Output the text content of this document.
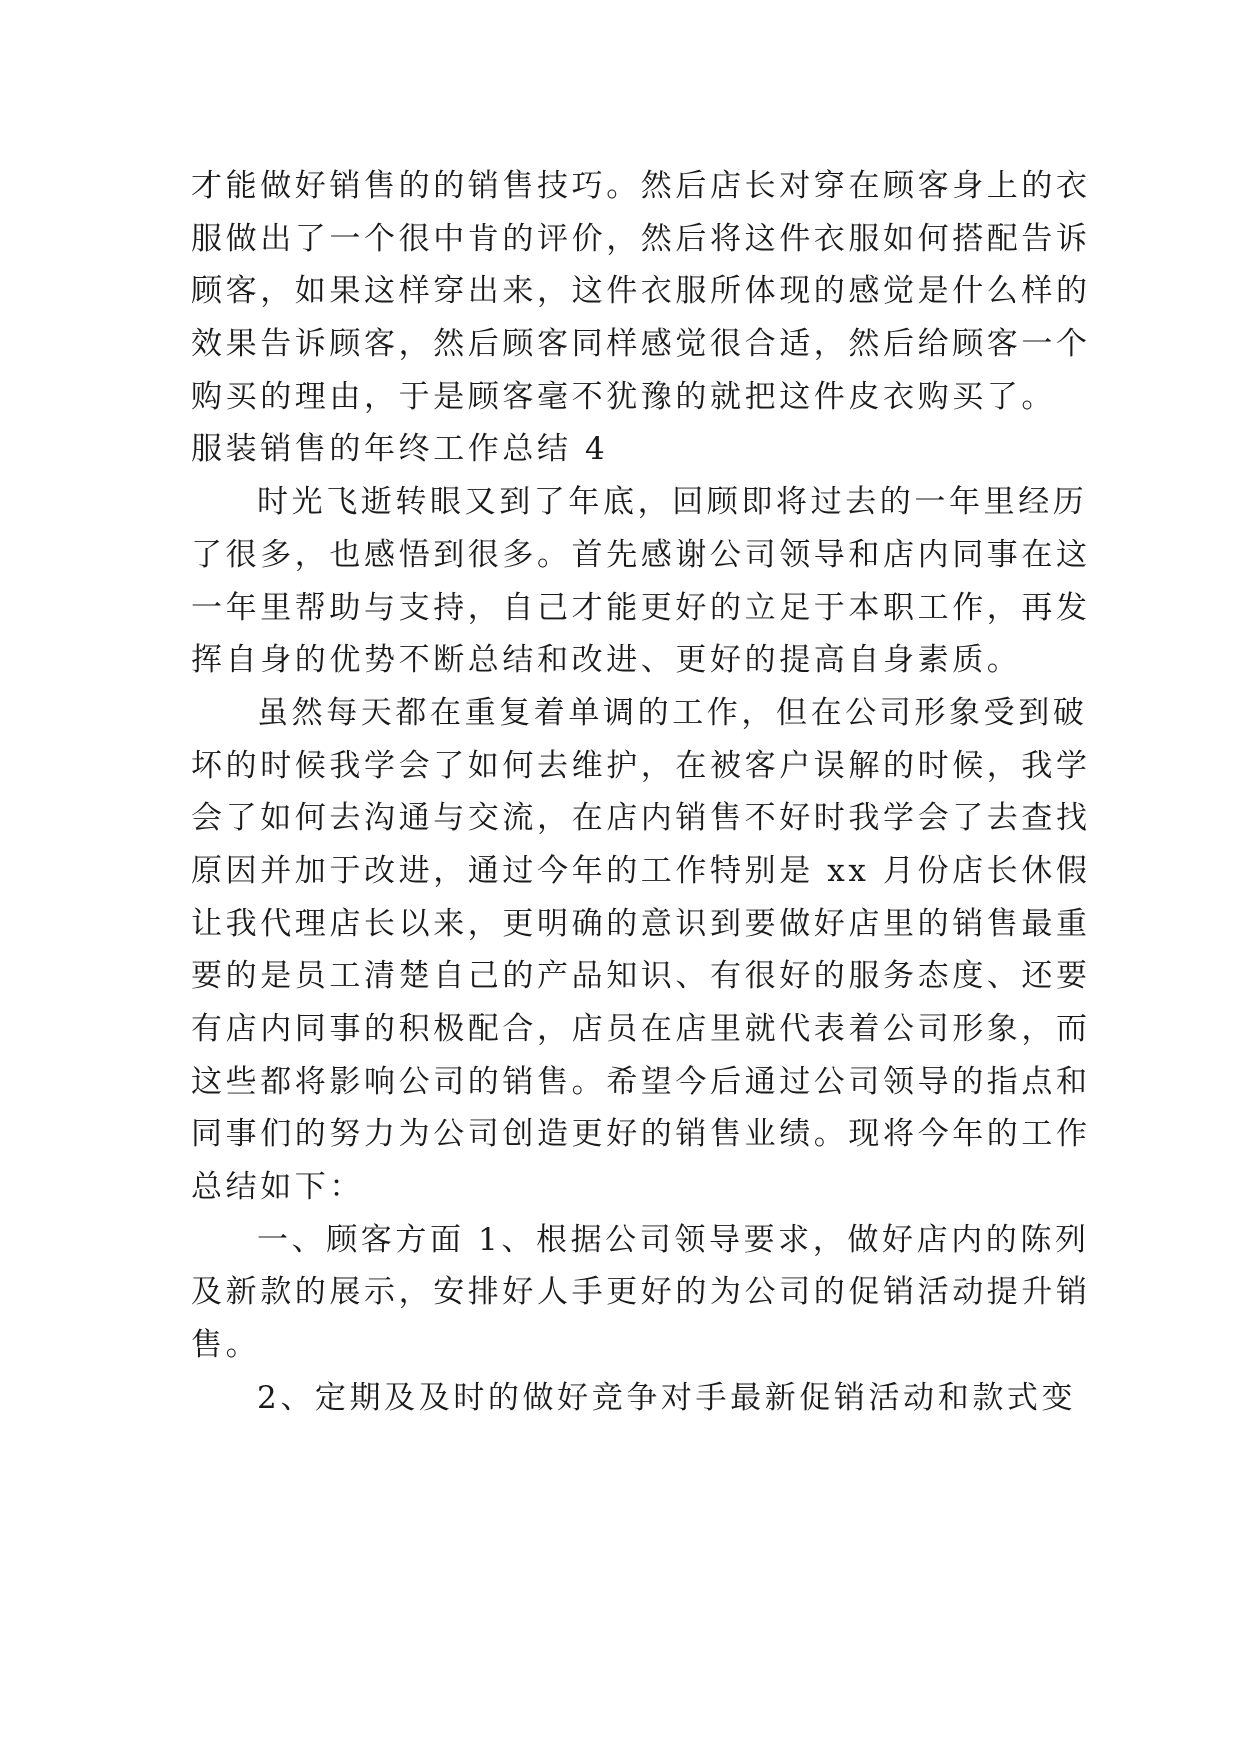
才能做好销售的的销售技巧。然后店长对穿在顾客身上的衣
服做出了一个很中肯的评价，然后将这件衣服如何搭配告诉
顾客，如果这样穿出来，这件衣服所体现的感觉是什么样的
效果告诉顾客，然后顾客同样感觉很合适，然后给顾客一个
购买的理由，于是顾客毫不犹豫的就把这件皮衣购买了。
服装销售的年终工作总结 4
时光飞逝转眼又到了年底，回顾即将过去的一年里经历
了很多，也感悟到很多。首先感谢公司领导和店内同事在这
一年里帮助与支持，自己才能更好的立足于本职工作，再发
挥自身的优势不断总结和改进、更好的提高自身素质。
虽然每天都在重复着单调的工作，但在公司形象受到破
坏的时候我学会了如何去维护，在被客户误解的时候，我学
会了如何去沟通与交流，在店内销售不好时我学会了去查找
原因并加于改进，通过今年的工作特别是 xx 月份店长休假
让我代理店长以来，更明确的意识到要做好店里的销售最重
要的是员工清楚自己的产品知识、有很好的服务态度、还要
有店内同事的积极配合，店员在店里就代表着公司形象，而
这些都将影响公司的销售。希望今后通过公司领导的指点和
同事们的努力为公司创造更好的销售业绩。现将今年的工作
总结如下：
一、顾客方面 1、根据公司领导要求，做好店内的陈列
及新款的展示，安排好人手更好的为公司的促销活动提升销
售。
2、定期及及时的做好竞争对手最新促销活动和款式变
